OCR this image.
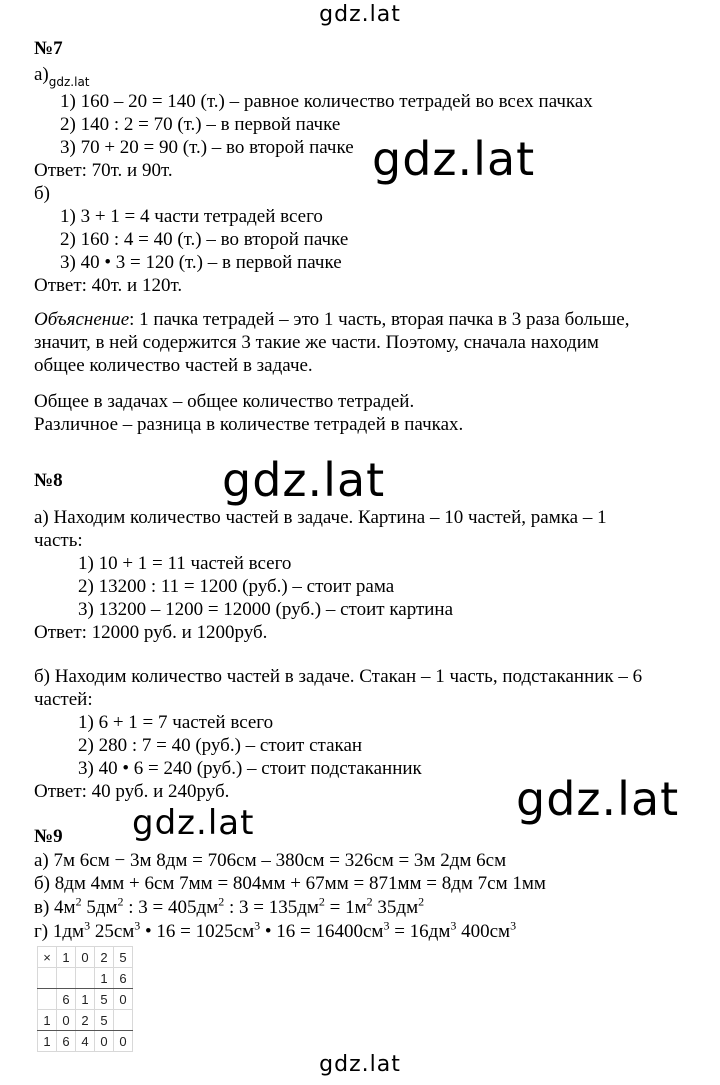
gdz.lat
№7
$а)_{gdz.lat}$
1) 160 – 20 = 140 (т.) – равное количество тетрадей во всех пачках
2) 140 : 2 = 70 (т.) – в первой пачке
3) 70 + 20 = 90 (т.) – во второй пачке
Ответ: 70т. и 90т.
б)
1) 3 + 1 = 4 части тетрадей всего
2) 160 : 4 = 40 (т.) – во второй пачке
3) 40 • 3 = 120 (т.) – в первой пачке
Ответ: 40т. и 120т.
Объяснение: 1 пачка тетрадей – это 1 часть, вторая пачка в 3 раза больше,
значит, в ней содержится 3 такие же части. Поэтому, сначала находим
общее количество частей в задаче.
Общее в задачах – общее количество тетрадей.
Различное – разница в количестве тетрадей в пачках.
№8
а) Находим количество частей в задаче. Картина – 10 частей, рамка – 1
часть:
1) 10 + 1 = 11 частей всего
2) 13200 : 11 = 1200 (руб.) – стоит рама
3) 13200 – 1200 = 12000 (руб.) – стоит картина
Ответ: 12000 руб. и 1200руб.
б) Находим количество частей в задаче. Стакан – 1 часть, подстаканник – 6
частей:
1) 6 + 1 = 7 частей всего
2) 280 : 7 = 40 (руб.) – стоит стакан
3) 40 • 6 = 240 (руб.) – стоит подстаканник
Ответ: 40 руб. и 240руб.
№9
а) 7м 6см − 3м 8дм = 706см – 380см = 326см = 3м 2дм 6см
б) 8дм 4мм + 6см 7мм = 804мм + 67мм = 871мм = 8дм 7см 1мм
в) $4м^2$ $5дм^2$ : $3 = 405дм^2$ : $3 = 135дм^2 = 1м^2$ $35дм^2$
г) $1дм^3$ $25см^3$ • $16 = 1025см^3$ • $16 = 16400см^3 = 16дм^3$ $400см^3$
×	1	0	2	5
			1	6
	6	1	5	0
1	0	2	5	
1	6	4	0	0
gdz.lat
gdz.lat
gdz.lat
gdz.lat
gdz.lat
